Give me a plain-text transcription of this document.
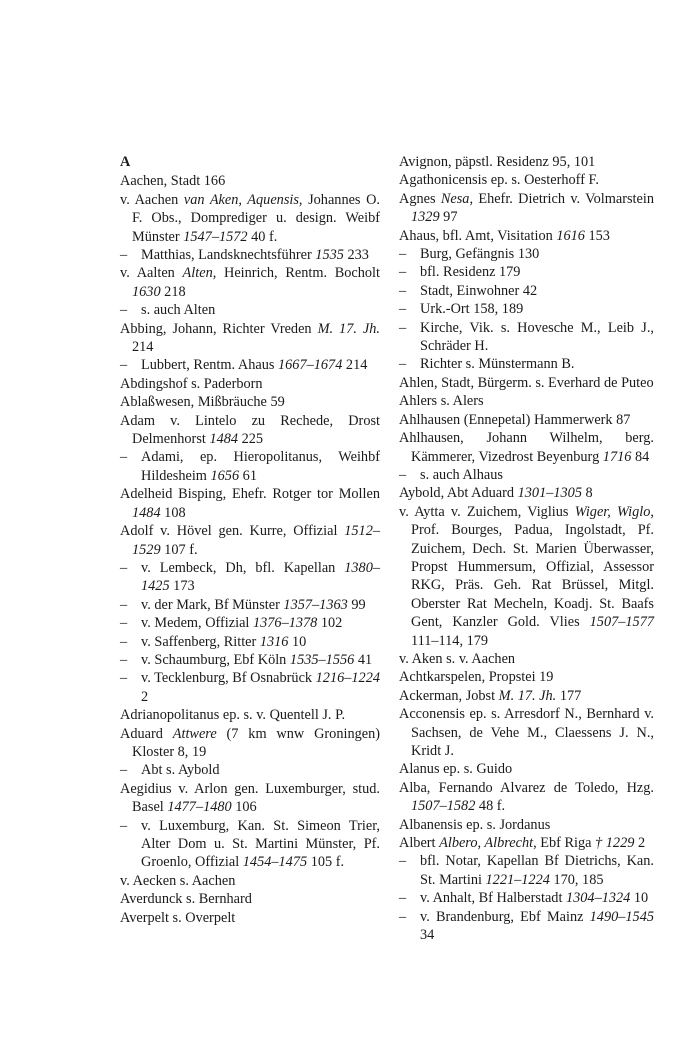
A

Aachen, Stadt 166

v. Aachen van Aken, Aquensis, Johannes O. F. Obs., Domprediger u. design. Weibf Münster 1547–1572 40 f.

– Matthias, Landsknechtsführer 1535 233

v. Aalten Alten, Heinrich, Rentm. Bocholt 1630 218

– s. auch Alten

Abbing, Johann, Richter Vreden M. 17. Jh. 214

– Lubbert, Rentm. Ahaus 1667–1674 214

Abdingshof s. Paderborn

Ablaßwesen, Mißbräuche 59

Adam v. Lintelo zu Rechede, Drost Delmenhorst 1484 225

– Adami, ep. Hieropolitanus, Weihbf Hildesheim 1656 61

Adelheid Bisping, Ehefr. Rotger tor Mollen 1484 108

Adolf v. Hövel gen. Kurre, Offizial 1512–1529 107 f.

– v. Lembeck, Dh, bfl. Kapellan 1380–1425 173

– v. der Mark, Bf Münster 1357–1363 99

– v. Medem, Offizial 1376–1378 102

– v. Saffenberg, Ritter 1316 10

– v. Schaumburg, Ebf Köln 1535–1556 41

– v. Tecklenburg, Bf Osnabrück 1216–1224 2

Adrianopolitanus ep. s. v. Quentell J. P.

Aduard Attwere (7 km wnw Groningen) Kloster 8, 19

– Abt s. Aybold

Aegidius v. Arlon gen. Luxemburger, stud. Basel 1477–1480 106

– v. Luxemburg, Kan. St. Simeon Trier, Alter Dom u. St. Martini Münster, Pf. Groenlo, Offizial 1454–1475 105 f.

v. Aecken s. Aachen

Averdunck s. Bernhard

Averpelt s. Overpelt

Avignon, päpstl. Residenz 95, 101

Agathonicensis ep. s. Oesterhoff F.

Agnes Nesa, Ehefr. Dietrich v. Volmarstein 1329 97

Ahaus, bfl. Amt, Visitation 1616 153

– Burg, Gefängnis 130

– bfl. Residenz 179

– Stadt, Einwohner 42

– Urk.-Ort 158, 189

– Kirche, Vik. s. Hovesche M., Leib J., Schräder H.

– Richter s. Münstermann B.

Ahlen, Stadt, Bürgerm. s. Everhard de Puteo

Ahlers s. Alers

Ahlhausen (Ennepetal) Hammerwerk 87

Ahlhausen, Johann Wilhelm, berg. Kämmerer, Vizedrost Beyenburg 1716 84

– s. auch Alhaus

Aybold, Abt Aduard 1301–1305 8

v. Aytta v. Zuichem, Viglius Wiger, Wiglo, Prof. Bourges, Padua, Ingolstadt, Pf. Zuichem, Dech. St. Marien Überwasser, Propst Hummersum, Offizial, Assessor RKG, Präs. Geh. Rat Brüssel, Mitgl. Oberster Rat Mecheln, Koadj. St. Baafs Gent, Kanzler Gold. Vlies 1507–1577 111–114, 179

v. Aken s. v. Aachen

Achtkarspelen, Propstei 19

Ackerman, Jobst M. 17. Jh. 177

Acconensis ep. s. Arresdorf N., Bernhard v. Sachsen, de Vehe M., Claessens J. N., Kridt J.

Alanus ep. s. Guido

Alba, Fernando Alvarez de Toledo, Hzg. 1507–1582 48 f.

Albanensis ep. s. Jordanus

Albert Albero, Albrecht, Ebf Riga † 1229 2

– bfl. Notar, Kapellan Bf Dietrichs, Kan. St. Martini 1221–1224 170, 185

– v. Anhalt, Bf Halberstadt 1304–1324 10

– v. Brandenburg, Ebf Mainz 1490–1545 34
